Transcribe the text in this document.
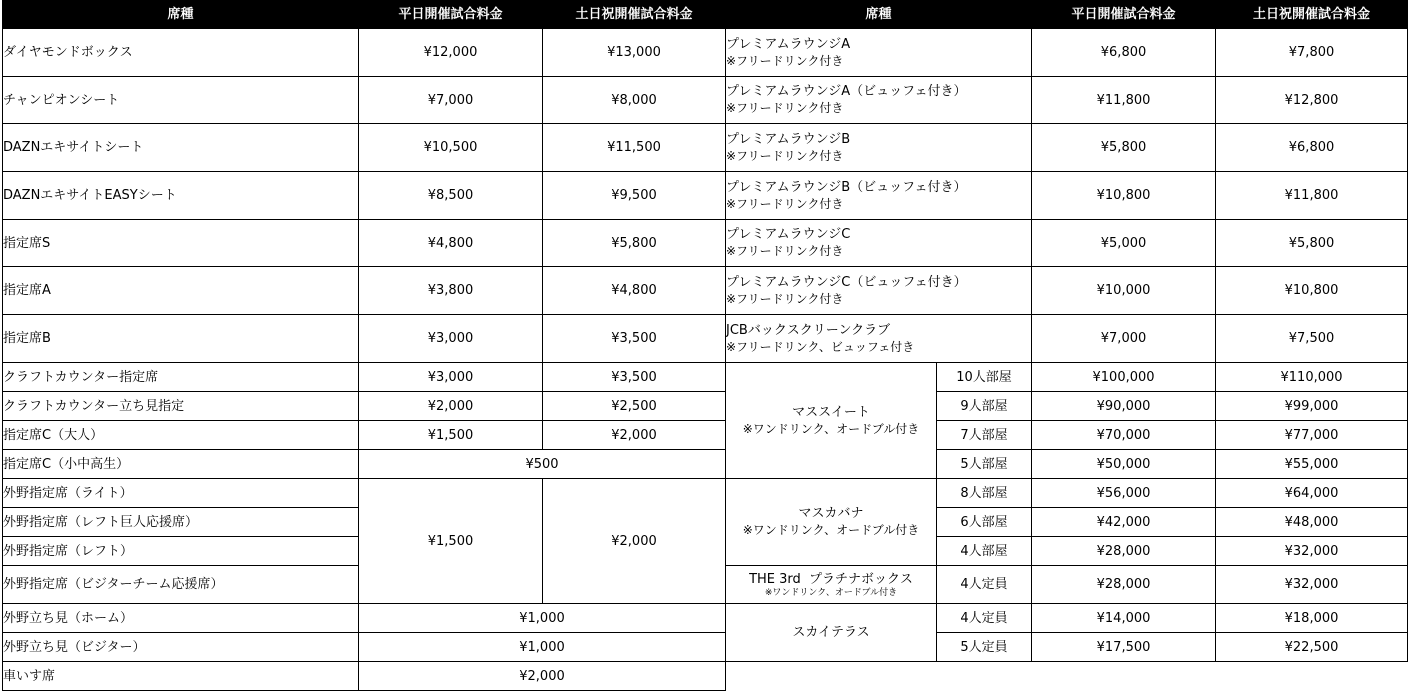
席種	平日開催試合料金	土日祝開催試合料金
ダイヤモンドボックス	¥12,000	¥13,000
チャンピオンシート	¥7,000	¥8,000
DAZNエキサイトシート	¥10,500	¥11,500
DAZNエキサイトEASYシート	¥8,500	¥9,500
指定席S	¥4,800	¥5,800
指定席A	¥3,800	¥4,800
指定席B	¥3,000	¥3,500
クラフトカウンター指定席	¥3,000	¥3,500
クラフトカウンター立ち見指定	¥2,000	¥2,500
指定席C（大人）	¥1,500	¥2,000
指定席C（小中高生）	¥500	
外野指定席（ライト）	¥1,500	¥2,000
外野指定席（レフト巨人応援席）		
外野指定席（レフト）		
外野指定席（ビジターチーム応援席）		
外野立ち見（ホーム）	¥1,000	
外野立ち見（ビジター）	¥1,000	
車いす席	¥2,000	
席種		平日開催試合料金	土日祝開催試合料金
プレミアムラウンジA
※フリードリンク付き		¥6,800	¥7,800
プレミアムラウンジA（ビュッフェ付き）
※フリードリンク付き		¥11,800	¥12,800
プレミアムラウンジB
※フリードリンク付き		¥5,800	¥6,800
プレミアムラウンジB（ビュッフェ付き）
※フリードリンク付き		¥10,800	¥11,800
プレミアムラウンジC
※フリードリンク付き		¥5,000	¥5,800
プレミアムラウンジC（ビュッフェ付き）
※フリードリンク付き		¥10,000	¥10,800
JCBバックスクリーンクラブ
※フリードリンク、ビュッフェ付き		¥7,000	¥7,500
マススイート
※ワンドリンク、オードブル付き	10人部屋	¥100,000	¥110,000
	9人部屋	¥90,000	¥99,000
	7人部屋	¥70,000	¥77,000
	5人部屋	¥50,000	¥55,000
マスカバナ
※ワンドリンク、オードブル付き	8人部屋	¥56,000	¥64,000
	6人部屋	¥42,000	¥48,000
	4人部屋	¥28,000	¥32,000
THE 3rd  プラチナボックス
※ワンドリンク、オードブル付き	4人定員	¥28,000	¥32,000
スカイテラス	4人定員	¥14,000	¥18,000
	5人定員	¥17,500	¥22,500
